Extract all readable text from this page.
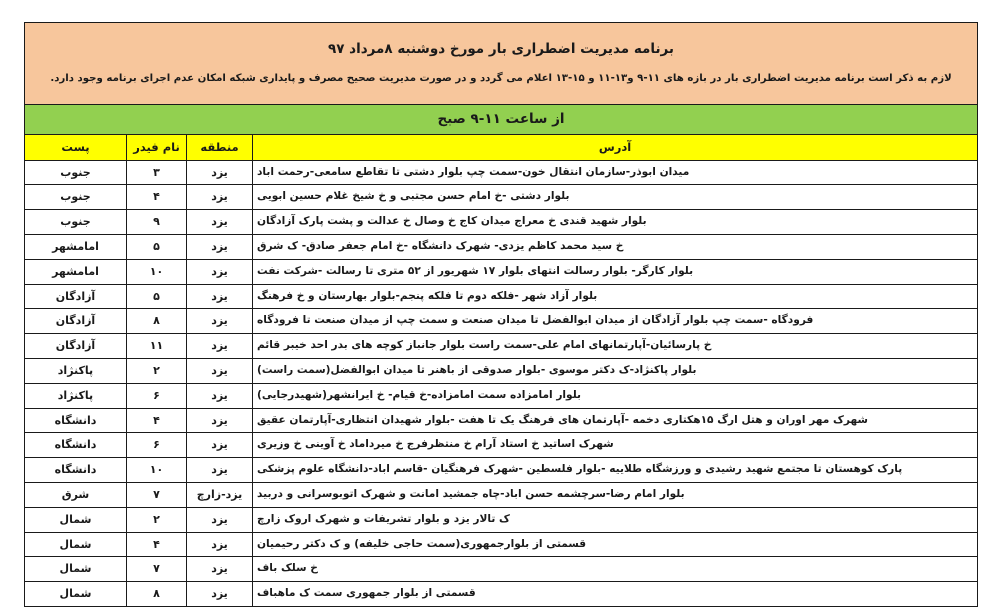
برنامه مدیریت اضطراری بار مورخ دوشنبه ۸مرداد ۹۷
لازم به ذکر است برنامه مدیریت اضطراری بار در بازه های ۱۱-۹ و۱۳-۱۱ و ۱۵-۱۳ اعلام می گردد و در صورت مدیریت صحیح مصرف و پایداری شبکه امکان عدم اجرای برنامه وجود دارد.			

از ساعت ۱۱-۹ صبح			

آدرس	منطقه	نام فیدر	پست

میدان ابوذر-سازمان انتقال خون-سمت چپ بلوار دشتی تا تقاطع سامعی-رحمت اباد	یزد	۳	جنوب

بلوار دشتی -خ امام حسن مجتبی و خ شیخ غلام حسین ابویی	یزد	۴	جنوب

بلوار شهید قندی خ معراج میدان کاج خ وصال خ عدالت و پشت پارک آزادگان	یزد	۹	جنوب

خ سید محمد کاظم یزدی- شهرک دانشگاه -خ امام جعفر صادق- ک شرق	یزد	۵	امامشهر

بلوار کارگر- بلوار رسالت انتهای بلوار ۱۷ شهریور از ۵۲ متری تا رسالت -شرکت نفت	یزد	۱۰	امامشهر

بلوار آزاد شهر -فلکه دوم تا فلکه پنجم-بلوار بهارستان و خ فرهنگ	یزد	۵	آزادگان

فرودگاه -سمت چپ بلوار آزادگان از میدان ابوالفضل تا میدان صنعت و سمت چپ از میدان صنعت تا فرودگاه	یزد	۸	آزادگان

خ پارسائیان-آپارتمانهای امام علی-سمت راست بلوار جانباز کوچه های بدر احد خیبر قائم	یزد	۱۱	آزادگان

بلوار پاکنژاد-ک دکتر موسوی -بلوار صدوقی از باهنر تا میدان ابوالفضل(سمت راست)	یزد	۲	پاکنژاد

بلوار امامزاده سمت امامزاده-خ قیام- خ ایرانشهر(شهیدرجایی)	یزد	۶	پاکنژاد

شهرک مهر اوران و هتل ارگ ۱۵هکتاری دخمه -آپارتمان های فرهنگ یک تا هفت -بلوار شهیدان انتظاری-آپارتمان عقیق	یزد	۴	دانشگاه

شهرک اساتید خ استاد آرام خ منتظرفرج خ میرداماد خ آوینی خ وزیری	یزد	۶	دانشگاه

پارک کوهستان تا مجتمع شهید رشیدی و ورزشگاه طلاییه -بلوار فلسطین -شهرک فرهنگیان -قاسم اباد-دانشگاه علوم پزشکی	یزد	۱۰	دانشگاه

بلوار امام رضا-سرچشمه حسن اباد-چاه جمشید امانت و شهرک اتوبوسرانی و دربید	یزد-زارچ	۷	شرق

ک تالار یزد و بلوار تشریفات و شهرک اروک زارچ	یزد	۲	شمال

قسمتی از بلوارجمهوری(سمت حاجی خلیفه) و ک دکتر رحیمیان	یزد	۴	شمال

خ سلک باف	یزد	۷	شمال

قسمتی از بلوار جمهوری سمت ک ماهباف	یزد	۸	شمال
